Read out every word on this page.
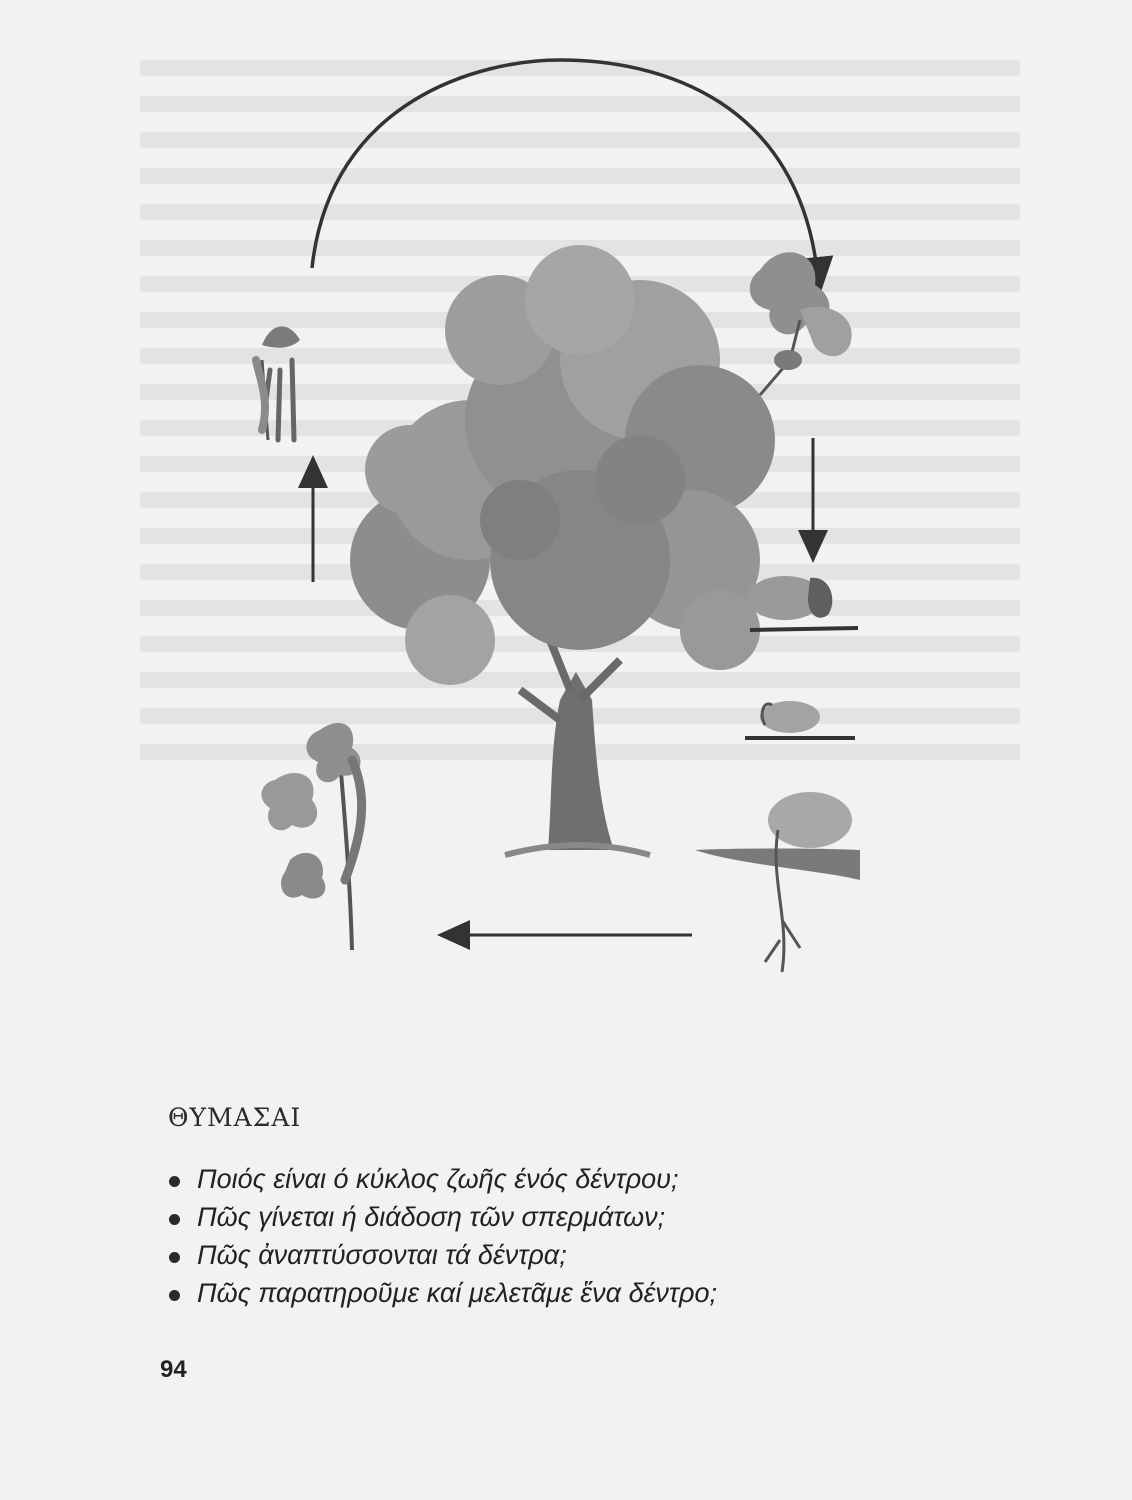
ΘΥΜΑΣΑΙ
Ποιός είναι ό κύκλος ζωῆς ένός δέντρου;
Πῶς γίνεται ή διάδοση τῶν σπερμάτων;
Πῶς ἀναπτύσσονται τά δέντρα;
Πῶς παρατηροῦμε καί μελετᾶμε ἕνα δέντρο;
94
